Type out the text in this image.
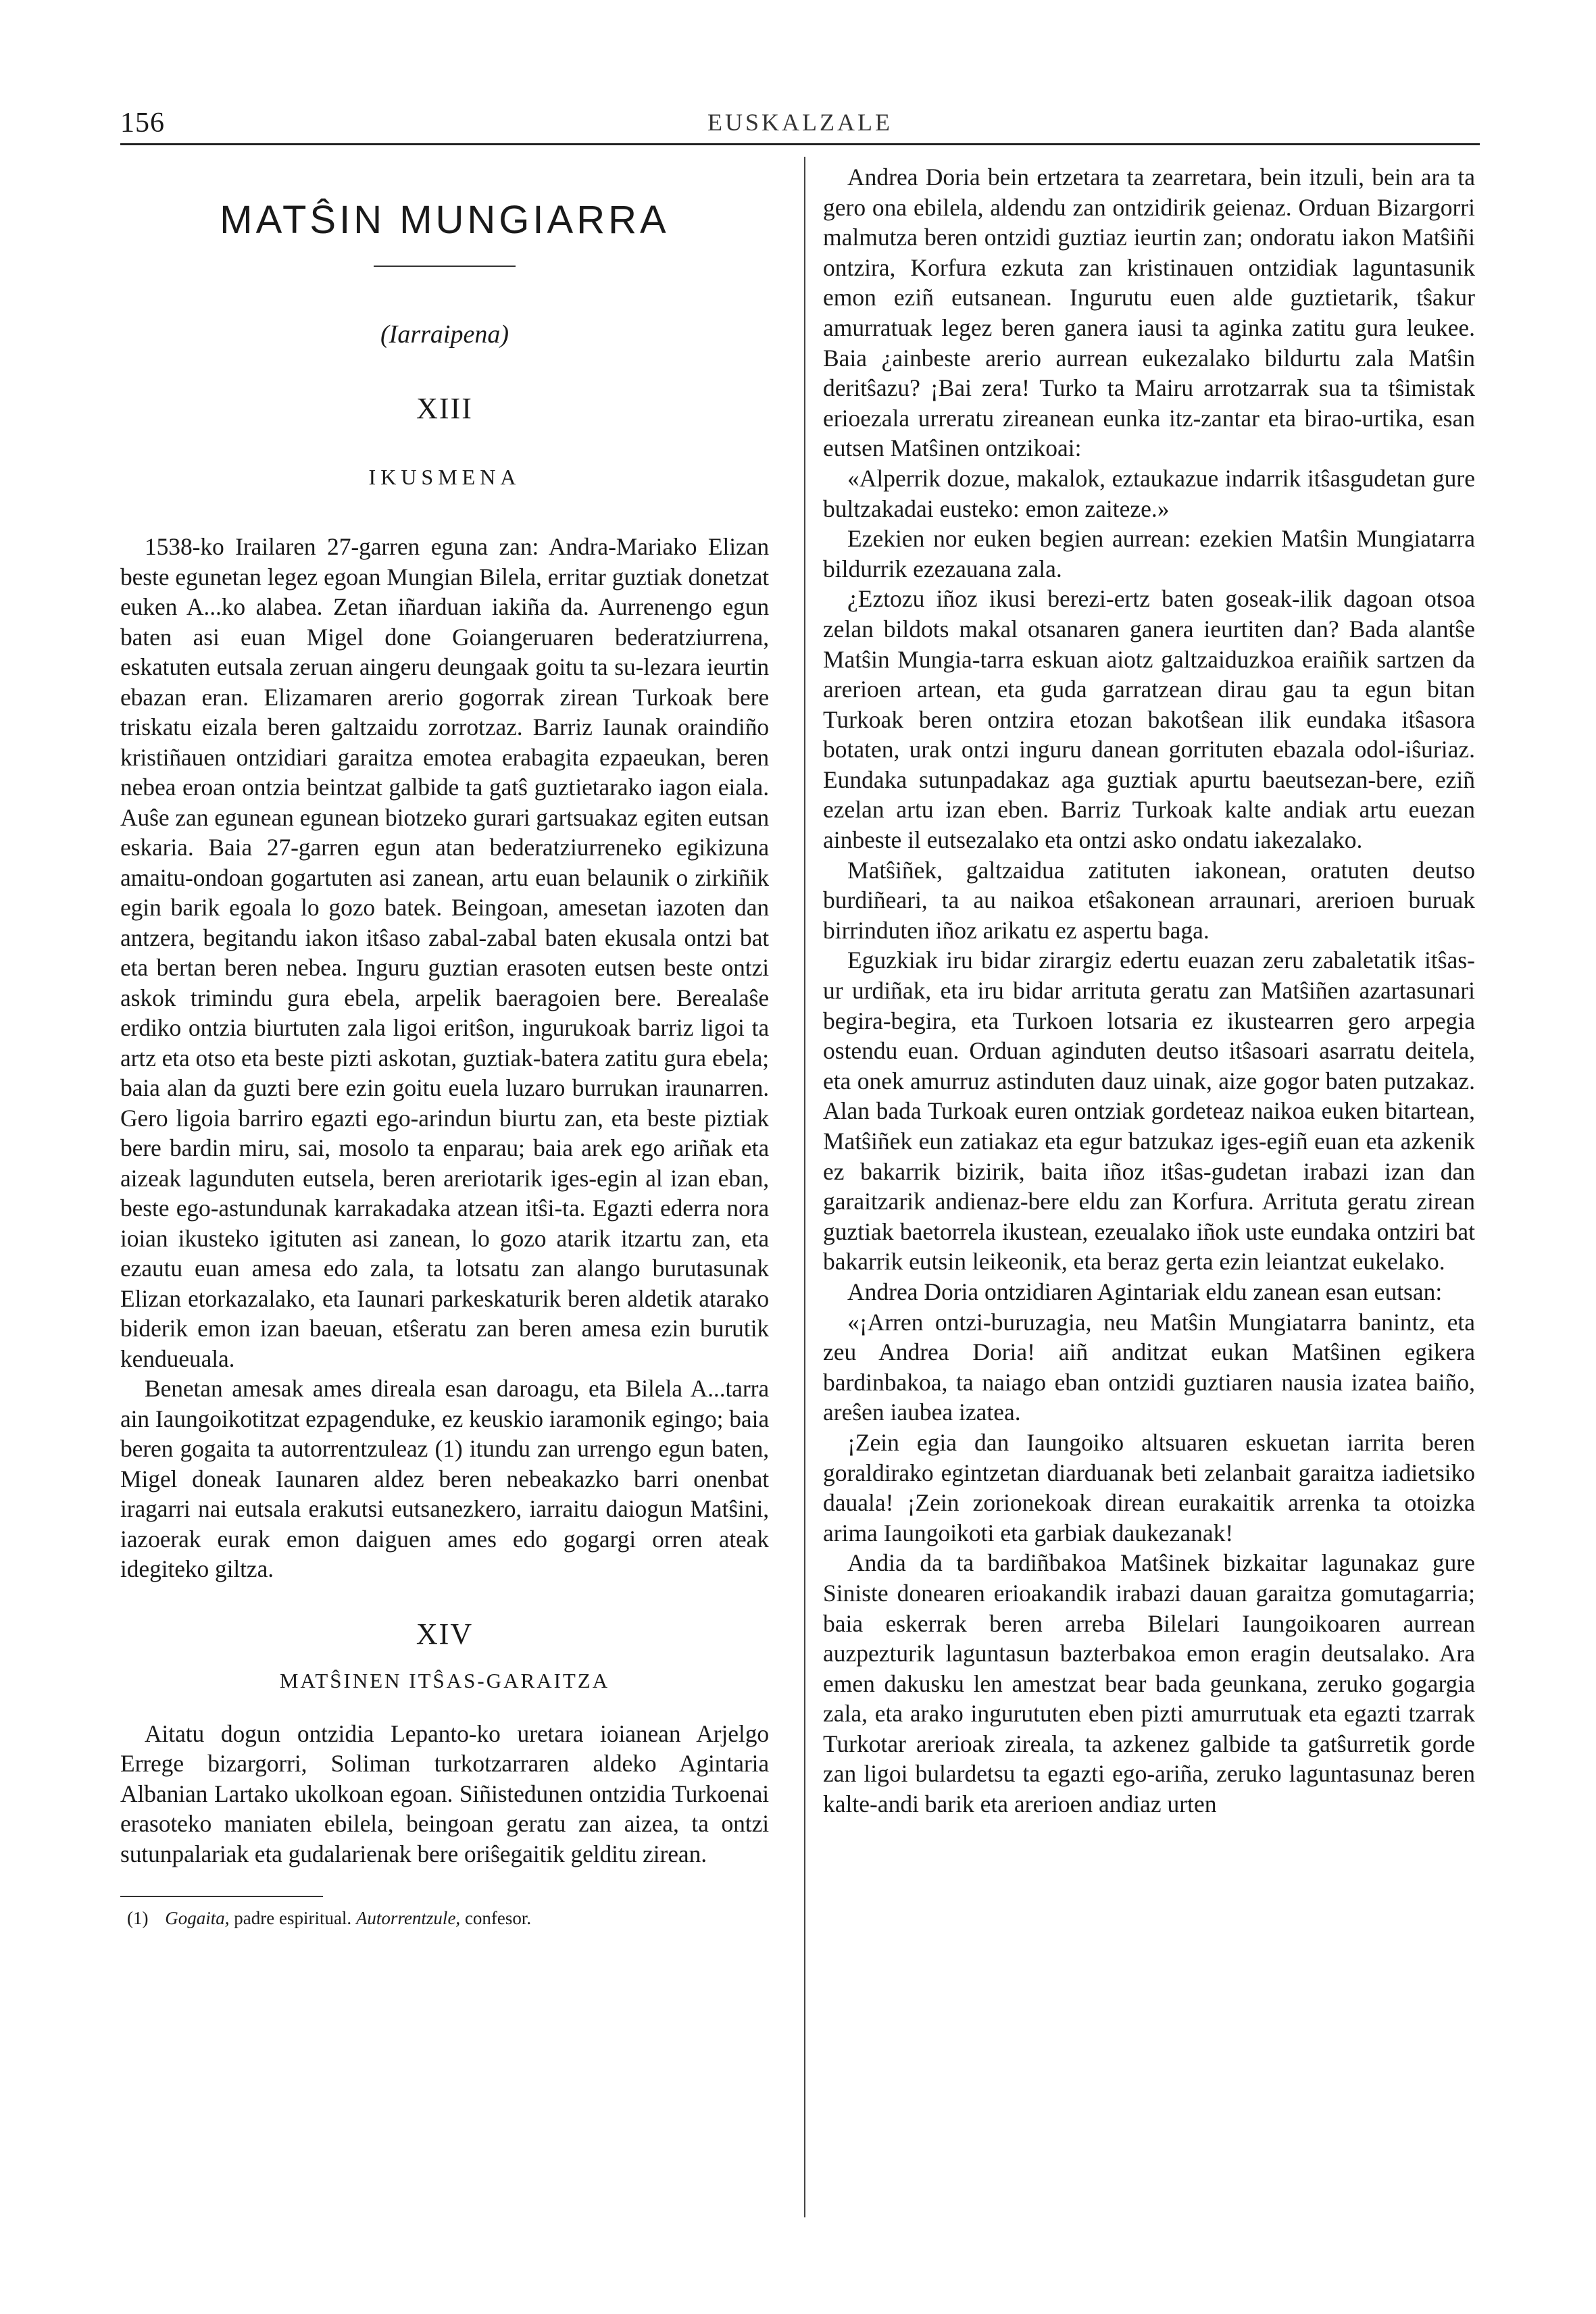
156	EUSKALZALE
MATŜIN MUNGIARRA
(Iarraipena)
XIII
IKUSMENA

1538-ko Irailaren 27-garren eguna zan: Andra-Mariako Elizan beste egunetan legez egoan Mungian Bilela, erritar guztiak donetzat euken A...ko alabea. Zetan iñarduan iakiña da. Aurrenengo egun baten asi euan Migel done Goiangeruaren bederatziurrena, eskatuten eutsala zeruan aingeru deungaak goitu ta su-lezara ieurtin ebazan eran. Elizamaren arerio gogorrak zirean Turkoak bere triskatu eizala beren galtzaidu zorrotzaz. Barriz Iaunak oraindiño kristiñauen ontzidiari garaitza emotea erabagita ezpaeukan, beren nebea eroan ontzia beintzat galbide ta gatŝ guztietarako iagon eiala. Auŝe zan egunean egunean biotzeko gurari gartsuakaz egiten eutsan eskaria. Baia 27-garren egun atan bederatziurreneko egikizuna amaitu-ondoan gogartuten asi zanean, artu euan belaunik o zirkiñik egin barik egoala lo gozo batek. Beingoan, amesetan iazoten dan antzera, begitandu iakon itŝaso zabal-zabal baten ekusala ontzi bat eta bertan beren nebea. Inguru guztian erasoten eutsen beste ontzi askok trimindu gura ebela, arpelik baeragoien bere. Berealaŝe erdiko ontzia biurtuten zala ligoi eritŝon, ingurukoak barriz ligoi ta artz eta otso eta beste pizti askotan, guztiak-batera zatitu gura ebela; baia alan da guzti bere ezin goitu euela luzaro burrukan iraunarren. Gero ligoia barriro egazti ego-arindun biurtu zan, eta beste piztiak bere bardin miru, sai, mosolo ta enparau; baia arek ego ariñak eta aizeak lagunduten eutsela, beren areriotarik iges-egin al izan eban, beste ego-astundunak karrakadaka atzean itŝi-ta. Egazti ederra nora ioian ikusteko igituten asi zanean, lo gozo atarik itzartu zan, eta ezautu euan amesa edo zala, ta lotsatu zan alango burutasunak Elizan etorkazalako, eta Iaunari parkeskaturik beren aldetik atarako biderik emon izan baeuan, etŝeratu zan beren amesa ezin burutik kendueuala.

Benetan amesak ames direala esan daroagu, eta Bilela A...tarra ain Iaungoikotitzat ezpagenduke, ez keuskio iaramonik egingo; baia beren gogaita ta autorrentzuleaz (1) itundu zan urrengo egun baten, Migel doneak Iaunaren aldez beren nebeakazko barri onenbat iragarri nai eutsala erakutsi eutsanezkero, iarraitu daiogun Matŝini, iazoerak eurak emon daiguen ames edo gogargi orren ateak idegiteko giltza.

XIV
MATŜINEN ITŜAS-GARAITZA

Aitatu dogun ontzidia Lepanto-ko uretara ioianean Arjelgo Errege bizargorri, Soliman turkotzarraren aldeko Agintaria Albanian Lartako ukolkoan egoan. Siñistedunen ontzidia Turkoenai erasoteko maniaten ebilela, beingoan geratu zan aizea, ta ontzi sutunpalariak eta gudalarienak bere oriŝegaitik gelditu zirean.

(1) Gogaita, padre espiritual. Autorrentzule, confesor.

Andrea Doria bein ertzetara ta zearretara, bein itzuli, bein ara ta gero ona ebilela, aldendu zan ontzidirik geienaz. Orduan Bizargorri malmutza beren ontzidi guztiaz ieurtin zan; ondoratu iakon Matŝiñi ontzira, Korfura ezkuta zan kristinauen ontzidiak laguntasunik emon eziñ eutsanean. Ingurutu euen alde guztietarik, tŝakur amurratuak legez beren ganera iausi ta aginka zatitu gura leukee. Baia ¿ainbeste arerio aurrean eukezalako bildurtu zala Matŝin deritŝazu? ¡Bai zera! Turko ta Mairu arrotzarrak sua ta tŝimistak erioezala urreratu zireanean eunka itz-zantar eta birao-urtika, esan eutsen Matŝinen ontzikoai:

«Alperrik dozue, makalok, eztaukazue indarrik itŝasgudetan gure bultzakadai eusteko: emon zaiteze.»

Ezekien nor euken begien aurrean: ezekien Matŝin Mungiatarra bildurrik ezezauana zala.

¿Eztozu iñoz ikusi berezi-ertz baten goseak-ilik dagoan otsoa zelan bildots makal otsanaren ganera ieurtiten dan? Bada alantŝe Matŝin Mungia-tarra eskuan aiotz galtzaiduzkoa eraiñik sartzen da arerioen artean, eta guda garratzean dirau gau ta egun bitan Turkoak beren ontzira etozan bakotŝean ilik eundaka itŝasora botaten, urak ontzi inguru danean gorrituten ebazala odol-iŝuriaz. Eundaka sutunpadakaz aga guztiak apurtu baeutsezan-bere, eziñ ezelan artu izan eben. Barriz Turkoak kalte andiak artu euezan ainbeste il eutsezalako eta ontzi asko ondatu iakezalako.

Matŝiñek, galtzaidua zatituten iakonean, oratuten deutso burdiñeari, ta au naikoa etŝakonean arraunari, arerioen buruak birrinduten iñoz arikatu ez aspertu baga.

Eguzkiak iru bidar zirargiz edertu euazan zeru zabaletatik itŝas-ur urdiñak, eta iru bidar arrituta geratu zan Matŝiñen azartasunari begira-begira, eta Turkoen lotsaria ez ikustearren gero arpegia ostendu euan. Orduan aginduten deutso itŝasoari asarratu deitela, eta onek amurruz astinduten dauz uinak, aize gogor baten putzakaz. Alan bada Turkoak euren ontziak gordeteaz naikoa euken bitartean, Matŝiñek eun zatiakaz eta egur batzukaz iges-egiñ euan eta azkenik ez bakarrik bizirik, baita iñoz itŝas-gudetan irabazi izan dan garaitzarik andienaz-bere eldu zan Korfura. Arrituta geratu zirean guztiak baetorrela ikustean, ezeualako iñok uste eundaka ontziri bat bakarrik eutsin leikeonik, eta beraz gerta ezin leiantzat eukelako.

Andrea Doria ontzidiaren Agintariak eldu zanean esan eutsan:

«¡Arren ontzi-buruzagia, neu Matŝin Mungiatarra banintz, eta zeu Andrea Doria! aiñ anditzat eukan Matŝinen egikera bardinbakoa, ta naiago eban ontzidi guztiaren nausia izatea baiño, areŝen iaubea izatea.

¡Zein egia dan Iaungoiko altsuaren eskuetan iarrita beren goraldirako egintzetan diarduanak beti zelanbait garaitza iadietsiko dauala! ¡Zein zorionekoak direan eurakaitik arrenka ta otoizka arima Iaungoikoti eta garbiak daukezanak!

Andia da ta bardiñbakoa Matŝinek bizkaitar lagunakaz gure Siniste donearen erioakandik irabazi dauan garaitza gomutagarria; baia eskerrak beren arreba Bilelari Iaungoikoaren aurrean auzpezturik laguntasun bazterbakoa emon eragin deutsalako. Ara emen dakusku len amestzat bear bada geunkana, zeruko gogargia zala, eta arako ingurututen eben pizti amurrutuak eta egazti tzarrak Turkotar arerioak zireala, ta azkenez galbide ta gatŝurretik gorde zan ligoi bulardetsu ta egazti ego-ariña, zeruko laguntasunaz beren kalte-andi barik eta arerioen andiaz urten
